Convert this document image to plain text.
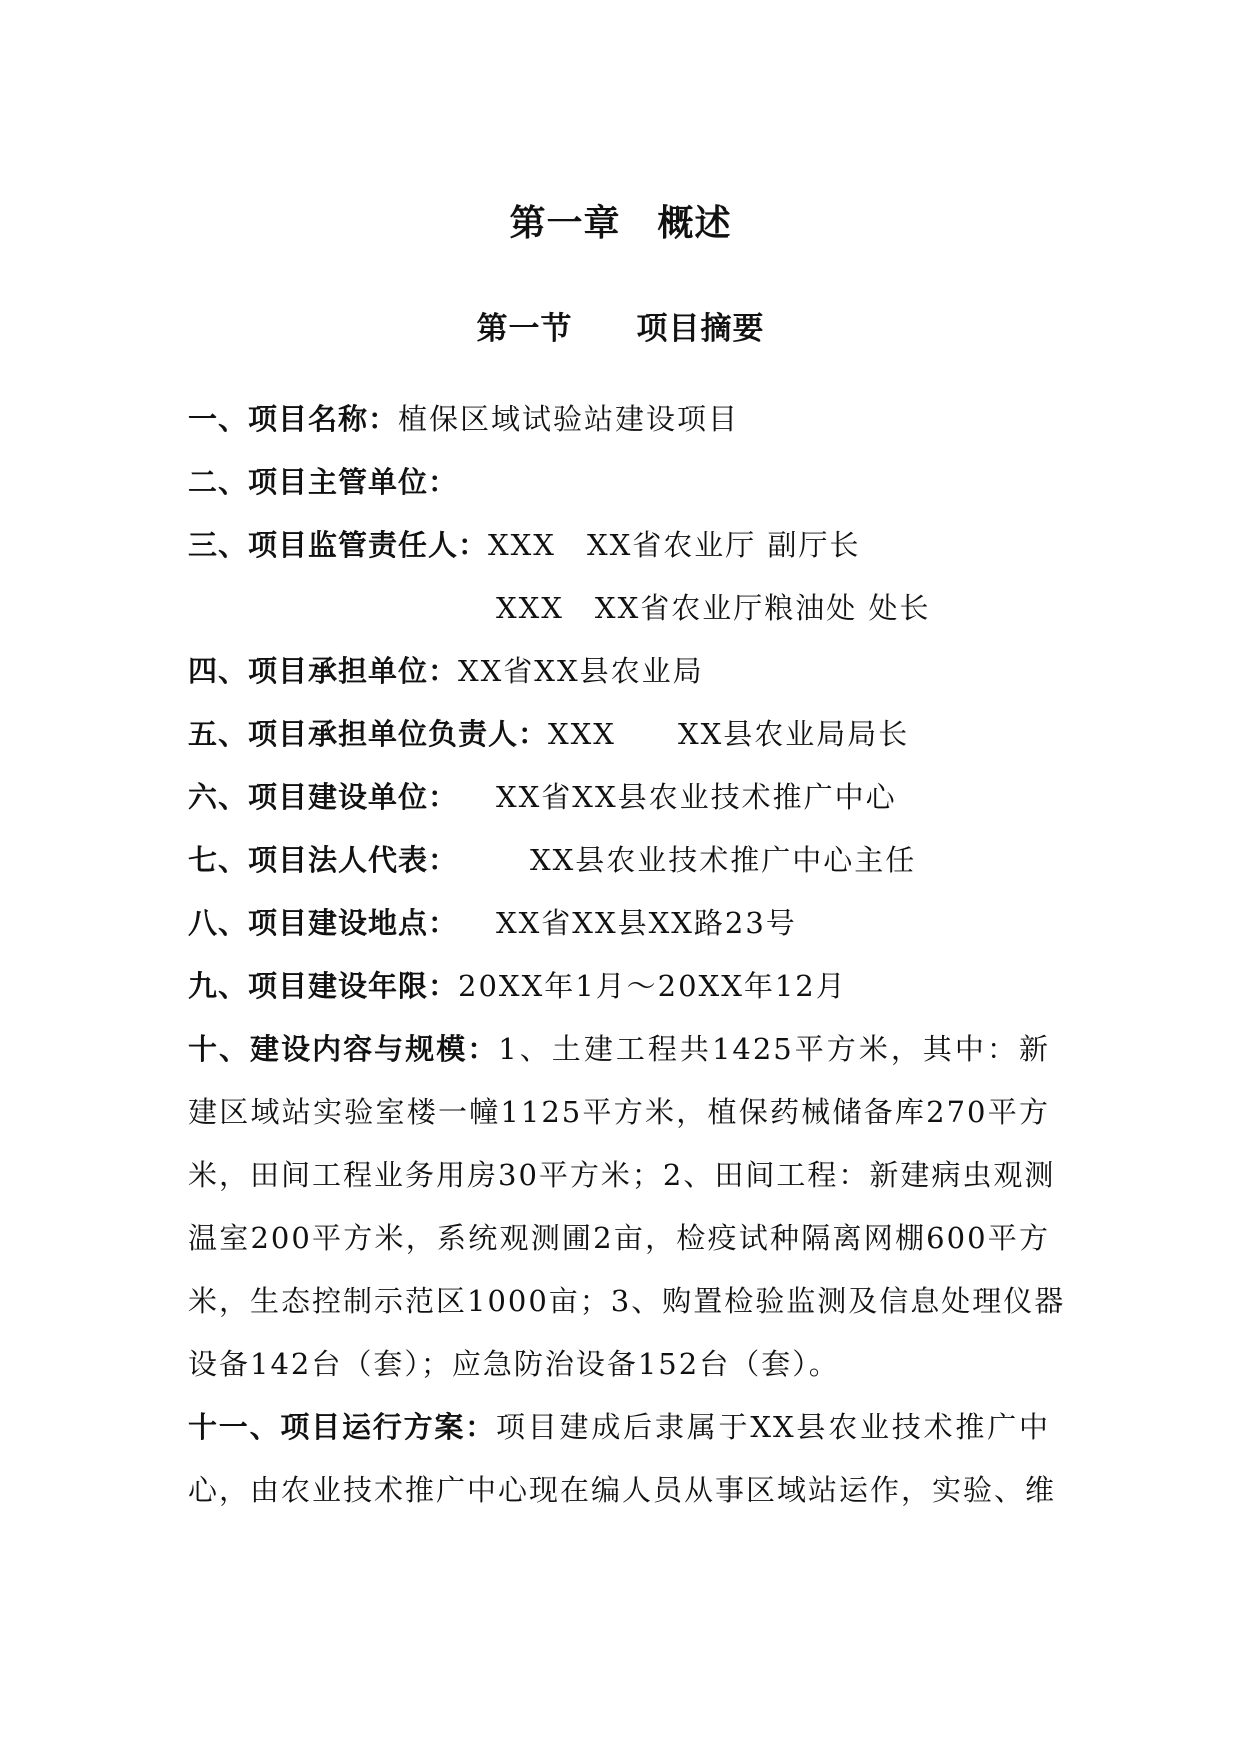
第一章　概述
第一节　　项目摘要
一、项目名称：植保区域试验站建设项目
二、项目主管单位：
三、项目监管责任人：XXX　XX省农业厅 副厅长
XXX　XX省农业厅粮油处 处长
四、项目承担单位：XX省XX县农业局
五、项目承担单位负责人：XXX　　XX县农业局局长
六、项目建设单位： XX省XX县农业技术推广中心
七、项目法人代表： XX县农业技术推广中心主任
八、项目建设地点： XX省XX县XX路23号
九、项目建设年限：20XX年1月～20XX年12月
十、建设内容与规模：1、土建工程共1425平方米，其中：新
建区域站实验室楼一幢1125平方米，植保药械储备库270平方
米，田间工程业务用房30平方米；2、田间工程：新建病虫观测
温室200平方米，系统观测圃2亩，检疫试种隔离网棚600平方
米，生态控制示范区1000亩；3、购置检验监测及信息处理仪器
设备142台（套）；应急防治设备152台（套）。
十一、项目运行方案：项目建成后隶属于XX县农业技术推广中
心，由农业技术推广中心现在编人员从事区域站运作，实验、维
